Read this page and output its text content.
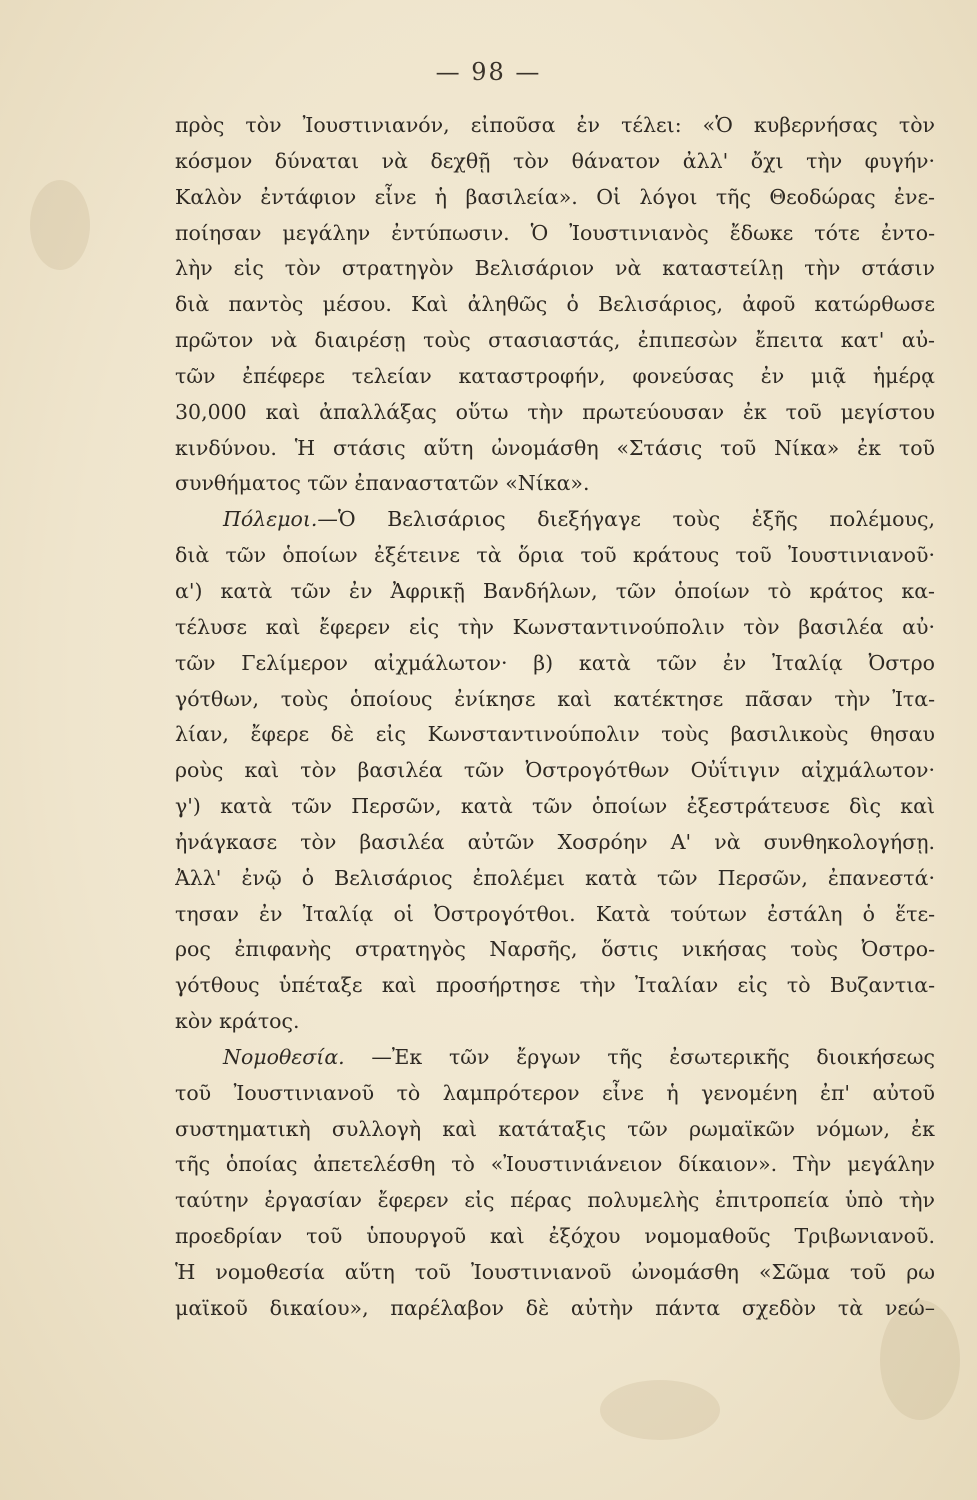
— 98 —
πρὸς τὸν Ἰουστινιανόν, εἰποῦσα ἐν τέλει: «Ὁ κυβερνήσας τὸν
κόσμον δύναται νὰ δεχθῇ τὸν θάνατον ἀλλ' ὄχι τὴν φυγήν·
Καλὸν ἐντάφιον εἶνε ἡ βασιλεία». Οἱ λόγοι τῆς Θεοδώρας ἐνε-
ποίησαν μεγάλην ἐντύπωσιν. Ὁ Ἰουστινιανὸς ἔδωκε τότε ἐντο-
λὴν εἰς τὸν στρατηγὸν Βελισάριον νὰ καταστείλῃ τὴν στάσιν
διὰ παντὸς μέσου. Καὶ ἀληθῶς ὁ Βελισάριος, ἀφοῦ κατώρθωσε
πρῶτον νὰ διαιρέσῃ τοὺς στασιαστάς, ἐπιπεσὼν ἔπειτα κατ' αὐ-
τῶν ἐπέφερε τελείαν καταστροφήν, φονεύσας ἐν μιᾷ ἡμέρᾳ
30,000 καὶ ἀπαλλάξας οὕτω τὴν πρωτεύουσαν ἐκ τοῦ μεγίστου
κινδύνου. Ἡ στάσις αὕτη ὠνομάσθη «Στάσις τοῦ Νίκα» ἐκ τοῦ
συνθήματος τῶν ἐπαναστατῶν «Νίκα».
Πόλεμοι.—Ὁ Βελισάριος διεξήγαγε τοὺς ἑξῆς πολέμους,
διὰ τῶν ὁποίων ἐξέτεινε τὰ ὅρια τοῦ κράτους τοῦ Ἰουστινιανοῦ·
α') κατὰ τῶν ἐν Ἀφρικῇ Βανδήλων, τῶν ὁποίων τὸ κράτος κα-
τέλυσε καὶ ἔφερεν εἰς τὴν Κωνσταντινούπολιν τὸν βασιλέα αὐ·
τῶν Γελίμερον αἰχμάλωτον· β) κατὰ τῶν ἐν Ἰταλίᾳ Ὀστρο
γότθων, τοὺς ὁποίους ἐνίκησε καὶ κατέκτησε πᾶσαν τὴν Ἰτα-
λίαν, ἔφερε δὲ εἰς Κωνσταντινούπολιν τοὺς βασιλικοὺς θησαυ
ροὺς καὶ τὸν βασιλέα τῶν Ὀστρογότθων Οὐΐτιγιν αἰχμάλωτον·
γ') κατὰ τῶν Περσῶν, κατὰ τῶν ὁποίων ἐξεστράτευσε δὶς καὶ
ἠνάγκασε τὸν βασιλέα αὐτῶν Χοσρόην Α' νὰ συνθηκολογήσῃ.
Ἀλλ' ἐνῷ ὁ Βελισάριος ἐπολέμει κατὰ τῶν Περσῶν, ἐπανεστά·
τησαν ἐν Ἰταλίᾳ οἱ Ὀστρογότθοι. Κατὰ τούτων ἐστάλη ὁ ἕτε-
ρος ἐπιφανὴς στρατηγὸς Ναρσῆς, ὅστις νικήσας τοὺς Ὀστρο-
γότθους ὑπέταξε καὶ προσήρτησε τὴν Ἰταλίαν εἰς τὸ Βυζαντια-
κὸν κράτος.
Νομοθεσία. —Ἐκ τῶν ἔργων τῆς ἐσωτερικῆς διοικήσεως
τοῦ Ἰουστινιανοῦ τὸ λαμπρότερον εἶνε ἡ γενομένη ἐπ' αὐτοῦ
συστηματικὴ συλλογὴ καὶ κατάταξις τῶν ρωμαϊκῶν νόμων, ἐκ
τῆς ὁποίας ἀπετελέσθη τὸ «Ἰουστινιάνειον δίκαιον». Τὴν μεγάλην
ταύτην ἐργασίαν ἔφερεν εἰς πέρας πολυμελὴς ἐπιτροπεία ὑπὸ τὴν
προεδρίαν τοῦ ὑπουργοῦ καὶ ἐξόχου νομομαθοῦς Τριβωνιανοῦ.
Ἡ νομοθεσία αὕτη τοῦ Ἰουστινιανοῦ ὠνομάσθη «Σῶμα τοῦ ρω
μαϊκοῦ δικαίου», παρέλαβον δὲ αὐτὴν πάντα σχεδὸν τὰ νεώ–
